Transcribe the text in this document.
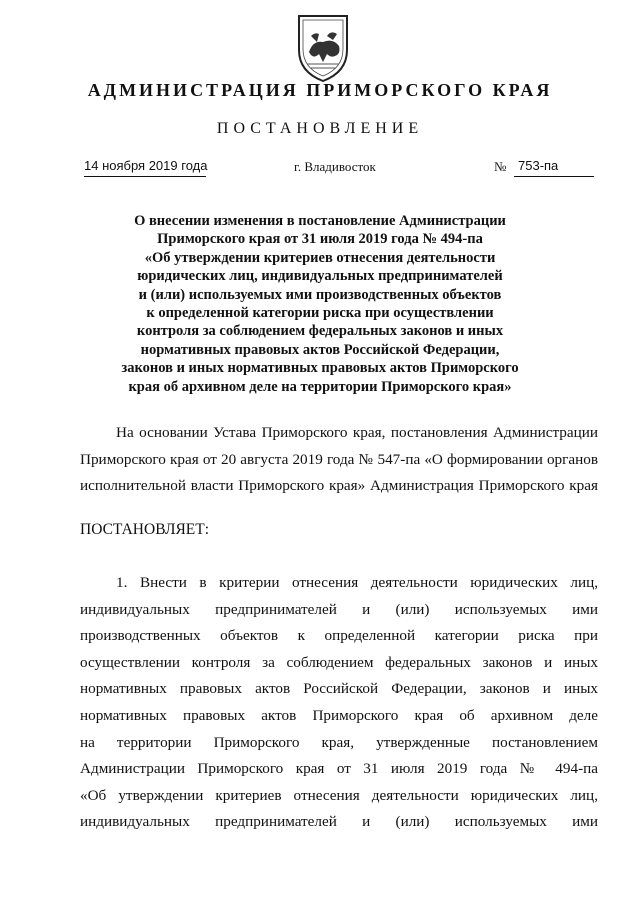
АДМИНИСТРАЦИЯ ПРИМОРСКОГО КРАЯ
ПОСТАНОВЛЕНИЕ
14 ноября 2019 года	г. Владивосток	№ 753-па
О внесении изменения в постановление Администрации
Приморского края от 31 июля 2019 года № 494-па
«Об утверждении критериев отнесения деятельности
юридических лиц, индивидуальных предпринимателей
и (или) используемых ими производственных объектов
к определенной категории риска при осуществлении
контроля за соблюдением федеральных законов и иных
нормативных правовых актов Российской Федерации,
законов и иных нормативных правовых актов Приморского
края об архивном деле на территории Приморского края»
На основании Устава Приморского края, постановления Администрации
Приморского края от 20 августа 2019 года № 547-па «О формировании органов
исполнительной власти Приморского края» Администрация Приморского края
ПОСТАНОВЛЯЕТ:
1. Внести в критерии отнесения деятельности юридических лиц,
индивидуальных предпринимателей и (или) используемых ими
производственных объектов к определенной категории риска при
осуществлении контроля за соблюдением федеральных законов и иных
нормативных правовых актов Российской Федерации, законов и иных
нормативных правовых актов Приморского края об архивном деле
на территории Приморского края, утвержденные постановлением
Администрации Приморского края от 31 июля 2019 года № 494-па
«Об утверждении критериев отнесения деятельности юридических лиц,
индивидуальных предпринимателей и (или) используемых ими
